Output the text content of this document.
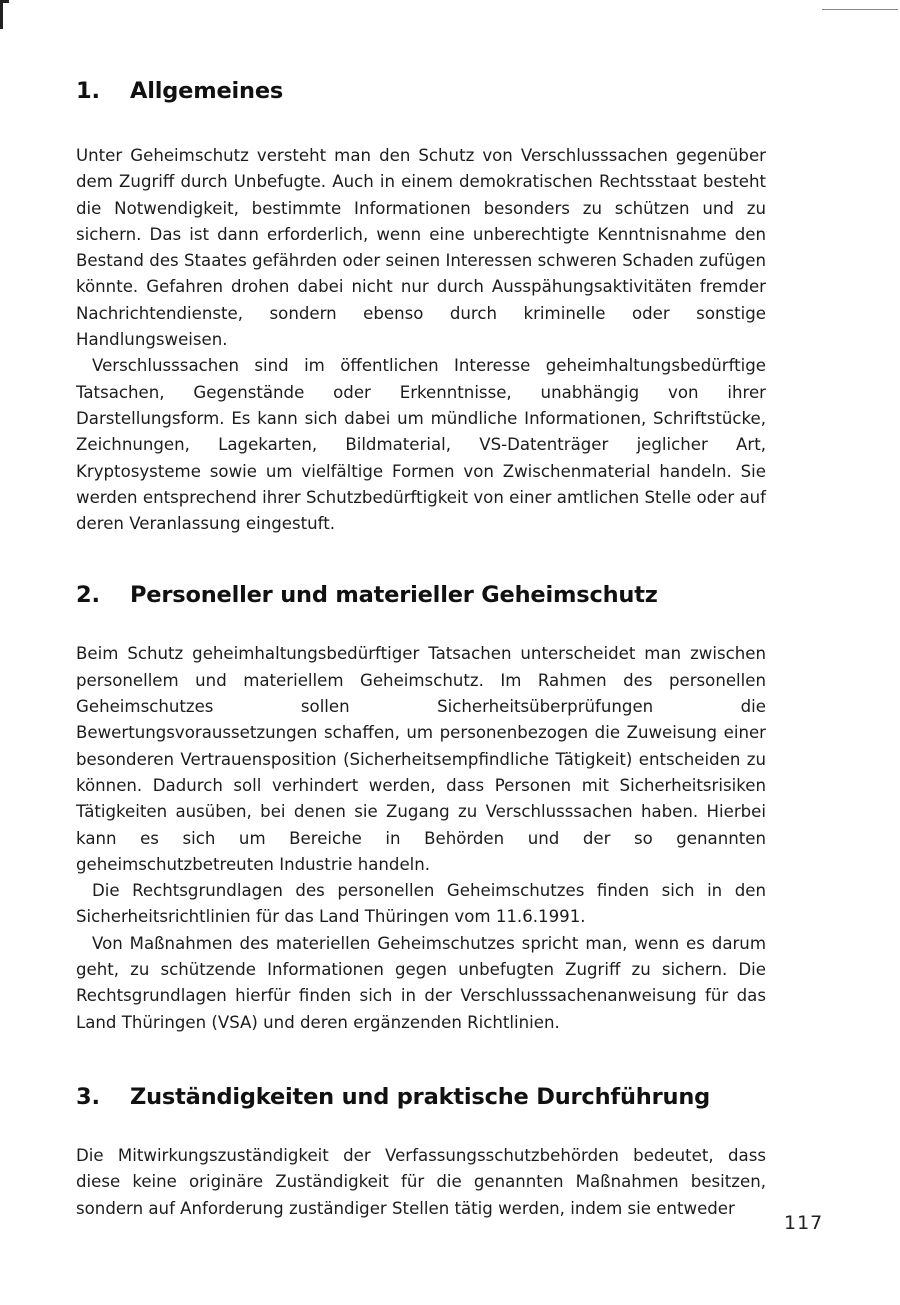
1.	Allgemeines

Unter Geheimschutz versteht man den Schutz von Verschlusssachen gegenüber dem Zugriff durch Unbefugte. Auch in einem demokratischen Rechtsstaat besteht die Notwendigkeit, bestimmte Informationen besonders zu schützen und zu sichern. Das ist dann erforderlich, wenn eine unberechtigte Kenntnisnahme den Bestand des Staates gefährden oder seinen Interessen schweren Schaden zufügen könnte. Gefahren drohen dabei nicht nur durch Ausspähungsaktivitäten fremder Nachrichtendienste, sondern ebenso durch kriminelle oder sonstige Handlungsweisen.

Verschlusssachen sind im öffentlichen Interesse geheimhaltungsbedürftige Tatsachen, Gegenstände oder Erkenntnisse, unabhängig von ihrer Darstellungsform. Es kann sich dabei um mündliche Informationen, Schriftstücke, Zeichnungen, Lagekarten, Bildmaterial, VS-Datenträger jeglicher Art, Kryptosysteme sowie um vielfältige Formen von Zwischenmaterial handeln. Sie werden entsprechend ihrer Schutzbedürftigkeit von einer amtlichen Stelle oder auf deren Veranlassung eingestuft.

2.	Personeller und materieller Geheimschutz

Beim Schutz geheimhaltungsbedürftiger Tatsachen unterscheidet man zwischen personellem und materiellem Geheimschutz. Im Rahmen des personellen Geheimschutzes sollen Sicherheitsüberprüfungen die Bewertungsvoraussetzungen schaffen, um personenbezogen die Zuweisung einer besonderen Vertrauensposition (Sicherheitsempfindliche Tätigkeit) entscheiden zu können. Dadurch soll verhindert werden, dass Personen mit Sicherheitsrisiken Tätigkeiten ausüben, bei denen sie Zugang zu Verschlusssachen haben. Hierbei kann es sich um Bereiche in Behörden und der so genannten geheimschutzbetreuten Industrie handeln.

Die Rechtsgrundlagen des personellen Geheimschutzes finden sich in den Sicherheitsrichtlinien für das Land Thüringen vom 11.6.1991.

Von Maßnahmen des materiellen Geheimschutzes spricht man, wenn es darum geht, zu schützende Informationen gegen unbefugten Zugriff zu sichern. Die Rechtsgrundlagen hierfür finden sich in der Verschlusssachenanweisung für das Land Thüringen (VSA) und deren ergänzenden Richtlinien.

3.	Zuständigkeiten und praktische Durchführung

Die Mitwirkungszuständigkeit der Verfassungsschutzbehörden bedeutet, dass diese keine originäre Zuständigkeit für die genannten Maßnahmen besitzen, sondern auf Anforderung zuständiger Stellen tätig werden, indem sie entweder

117
